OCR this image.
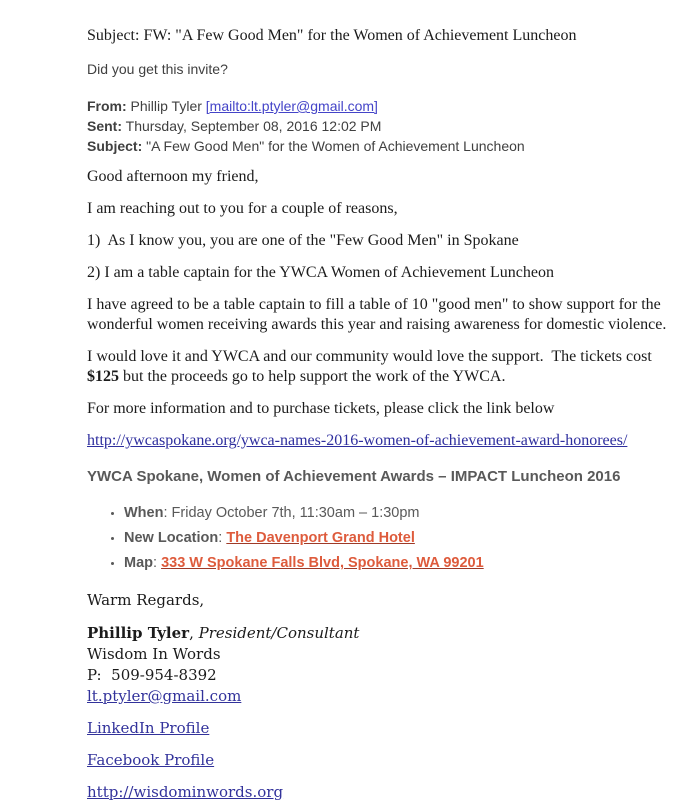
Subject: FW: "A Few Good Men" for the Women of Achievement Luncheon

Did you get this invite?

From: Phillip Tyler [mailto:lt.ptyler@gmail.com]

Sent: Thursday, September 08, 2016 12:02 PM

Subject: "A Few Good Men" for the Women of Achievement Luncheon

Good afternoon my friend,

I am reaching out to you for a couple of reasons,

1)  As I know you, you are one of the "Few Good Men" in Spokane

2) I am a table captain for the YWCA Women of Achievement Luncheon

I have agreed to be a table captain to fill a table of 10 "good men" to show support for the wonderful women receiving awards this year and raising awareness for domestic violence.

I would love it and YWCA and our community would love the support.  The tickets cost $125 but the proceeds go to help support the work of the YWCA.

For more information and to purchase tickets, please click the link below

http://ywcaspokane.org/ywca-names-2016-women-of-achievement-award-honorees/

YWCA Spokane, Women of Achievement Awards – IMPACT Luncheon 2016
• When: Friday October 7th, 11:30am – 1:30pm
• New Location: The Davenport Grand Hotel
• Map: 333 W Spokane Falls Blvd, Spokane, WA 99201

Warm Regards,

Phillip Tyler, President/Consultant

Wisdom In Words

P:  509-954-8392

lt.ptyler@gmail.com

LinkedIn Profile

Facebook Profile

http://wisdominwords.org
